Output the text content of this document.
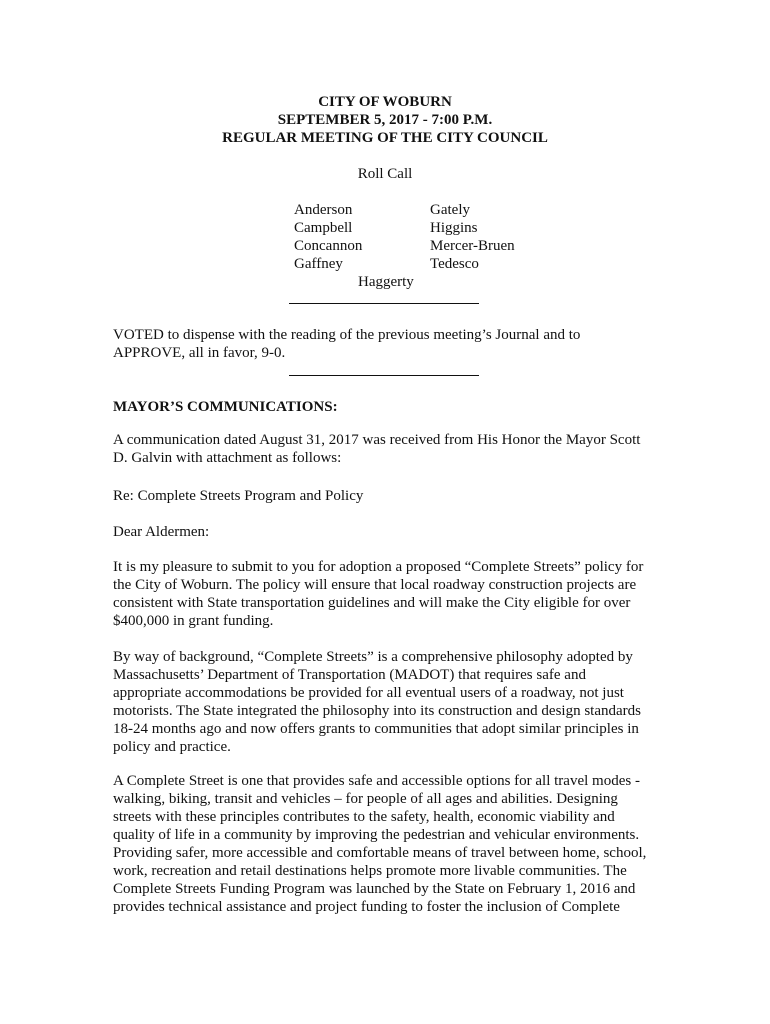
CITY OF WOBURN
SEPTEMBER 5, 2017 - 7:00 P.M.
REGULAR MEETING OF THE CITY COUNCIL
Roll Call
Anderson
Campbell
Concannon
Gaffney
Gately
Higgins
Mercer-Bruen
Tedesco
Haggerty
VOTED to dispense with the reading of the previous meeting’s Journal and to
APPROVE, all in favor, 9-0.
MAYOR’S COMMUNICATIONS:
A communication dated August 31, 2017 was received from His Honor the Mayor Scott
D. Galvin with attachment as follows:
Re: Complete Streets Program and Policy
Dear Aldermen:
It is my pleasure to submit to you for adoption a proposed “Complete Streets” policy for
the City of Woburn. The policy will ensure that local roadway construction projects are
consistent with State transportation guidelines and will make the City eligible for over
$400,000 in grant funding.
By way of background, “Complete Streets” is a comprehensive philosophy adopted by
Massachusetts’ Department of Transportation (MADOT) that requires safe and
appropriate accommodations be provided for all eventual users of a roadway, not just
motorists. The State integrated the philosophy into its construction and design standards
18-24 months ago and now offers grants to communities that adopt similar principles in
policy and practice.
A Complete Street is one that provides safe and accessible options for all travel modes -
walking, biking, transit and vehicles – for people of all ages and abilities. Designing
streets with these principles contributes to the safety, health, economic viability and
quality of life in a community by improving the pedestrian and vehicular environments.
Providing safer, more accessible and comfortable means of travel between home, school,
work, recreation and retail destinations helps promote more livable communities. The
Complete Streets Funding Program was launched by the State on February 1, 2016 and
provides technical assistance and project funding to foster the inclusion of Complete
